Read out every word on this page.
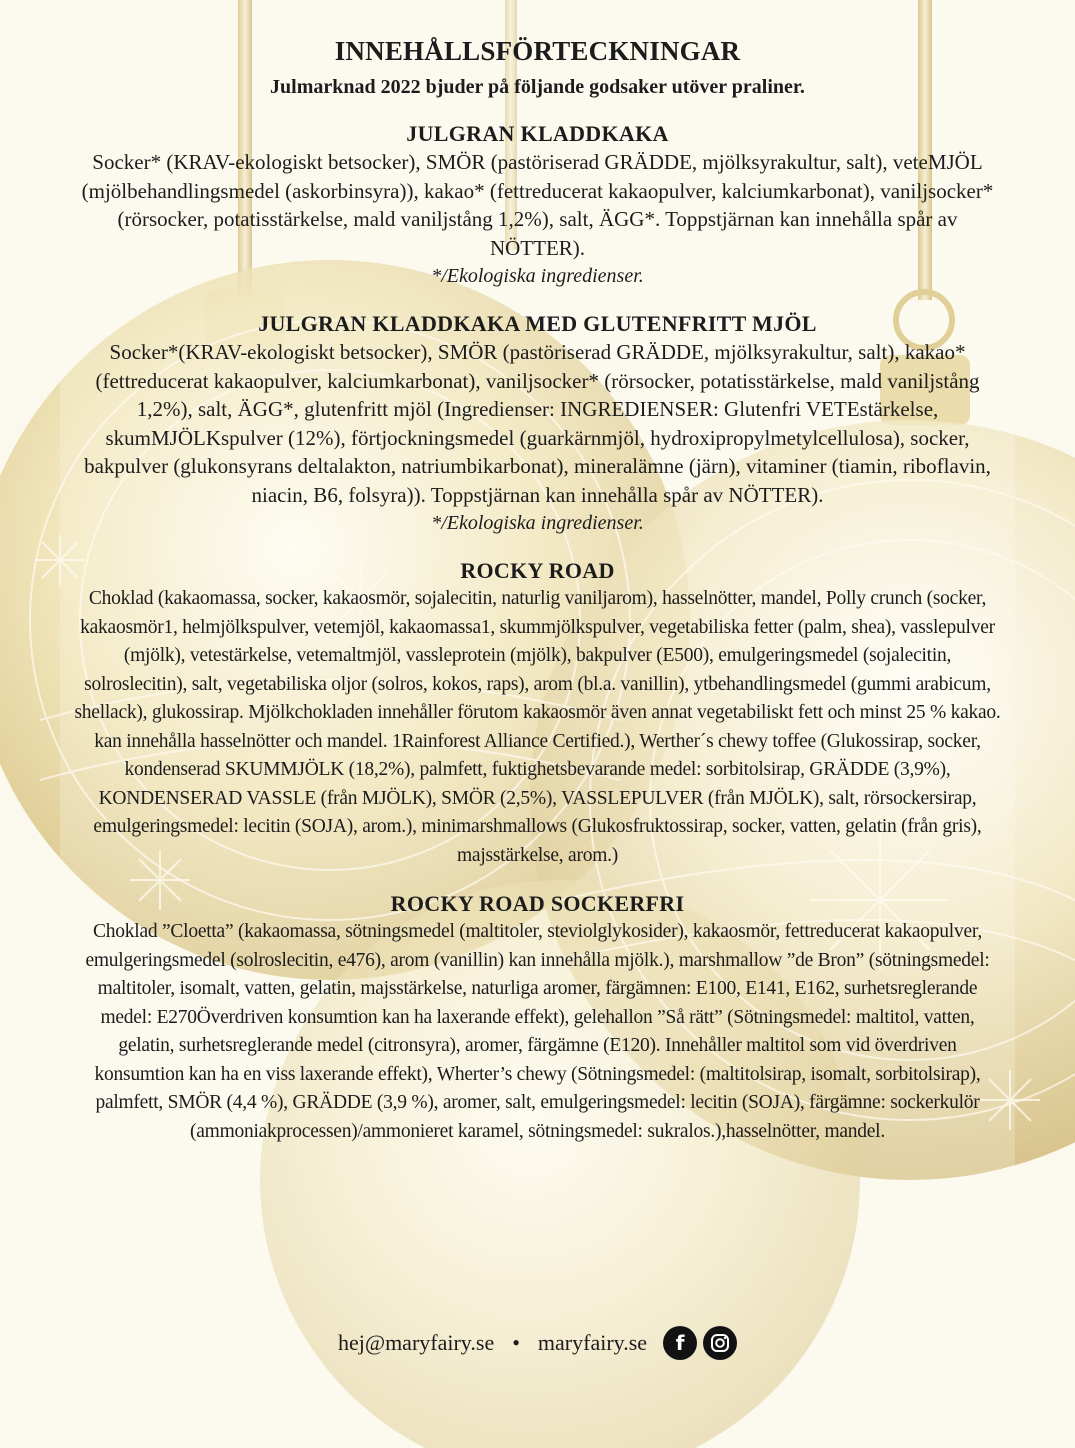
INNEHÅLLSFÖRTECKNINGAR

Julmarknad 2022 bjuder på följande godsaker utöver praliner.

JULGRAN KLADDKAKA

Socker* (KRAV-ekologiskt betsocker), SMÖR (pastöriserad GRÄDDE, mjölksyrakultur, salt), veteMJÖL (mjölbehandlingsmedel (askorbinsyra)), kakao* (fettreducerat kakaopulver, kalciumkarbonat), vaniljsocker* (rörsocker, potatisstärkelse, mald vaniljstång 1,2%), salt, ÄGG*. Toppstjärnan kan innehålla spår av NÖTTER).

*/Ekologiska ingredienser.

JULGRAN KLADDKAKA MED GLUTENFRITT MJÖL

Socker*(KRAV-ekologiskt betsocker), SMÖR (pastöriserad GRÄDDE, mjölksyrakultur, salt), kakao* (fettreducerat kakaopulver, kalciumkarbonat), vaniljsocker* (rörsocker, potatisstärkelse, mald vaniljstång 1,2%), salt, ÄGG*, glutenfritt mjöl (Ingredienser: INGREDIENSER: Glutenfri VETEstärkelse, skumMJÖLKspulver (12%), förtjockningsmedel (guarkärnmjöl, hydroxipropylmetylcellulosa), socker, bakpulver (glukonsyrans deltalakton, natriumbikarbonat), mineralämne (järn), vitaminer (tiamin, riboflavin, niacin, B6, folsyra)). Toppstjärnan kan innehålla spår av NÖTTER).

*/Ekologiska ingredienser.

ROCKY ROAD

Choklad (kakaomassa, socker, kakaosmör, sojalecitin, naturlig vaniljarom), hasselnötter, mandel, Polly crunch (socker, kakaosmör1, helmjölkspulver, vetemjöl, kakaomassa1, skummjölkspulver, vegetabiliska fetter (palm, shea), vasslepulver (mjölk), vetestärkelse, vetemaltmjöl, vassleprotein (mjölk), bakpulver (E500), emulgeringsmedel (sojalecitin, solroslecitin), salt, vegetabiliska oljor (solros, kokos, raps), arom (bl.a. vanillin), ytbehandlingsmedel (gummi arabicum, shellack), glukossirap. Mjölkchokladen innehåller förutom kakaosmör även annat vegetabiliskt fett och minst 25 % kakao. kan innehålla hasselnötter och mandel. 1Rainforest Alliance Certified.), Werther´s chewy toffee (Glukossirap, socker, kondenserad SKUMMJÖLK (18,2%), palmfett, fuktighetsbevarande medel: sorbitolsirap, GRÄDDE (3,9%), KONDENSERAD VASSLE (från MJÖLK), SMÖR (2,5%), VASSLEPULVER (från MJÖLK), salt, rörsockersirap, emulgeringsmedel: lecitin (SOJA), arom.), minimarshmallows (Glukosfruktossirap, socker, vatten, gelatin (från gris), majsstärkelse, arom.)

ROCKY ROAD SOCKERFRI

Choklad ”Cloetta” (kakaomassa, sötningsmedel (maltitoler, steviolglykosider), kakaosmör, fettreducerat kakaopulver, emulgeringsmedel (solroslecitin, e476), arom (vanillin) kan innehålla mjölk.), marshmallow ”de Bron” (sötningsmedel: maltitoler, isomalt, vatten, gelatin, majsstärkelse, naturliga aromer, färgämnen: E100, E141, E162, surhetsreglerande medel: E270Överdriven konsumtion kan ha laxerande effekt), gelehallon ”Så rätt” (Sötningsmedel: maltitol, vatten, gelatin, surhetsreglerande medel (citronsyra), aromer, färgämne (E120). Innehåller maltitol som vid överdriven konsumtion kan ha en viss laxerande effekt), Wherter’s chewy (Sötningsmedel: (maltitolsirap, isomalt, sorbitolsirap), palmfett, SMÖR (4,4 %), GRÄDDE (3,9 %), aromer, salt, emulgeringsmedel: lecitin (SOJA), färgämne: sockerkulör (ammoniakprocessen)/ammonieret karamel, sötningsmedel: sukralos.),hasselnötter, mandel.

hej@maryfairy.se • maryfairy.se	f
